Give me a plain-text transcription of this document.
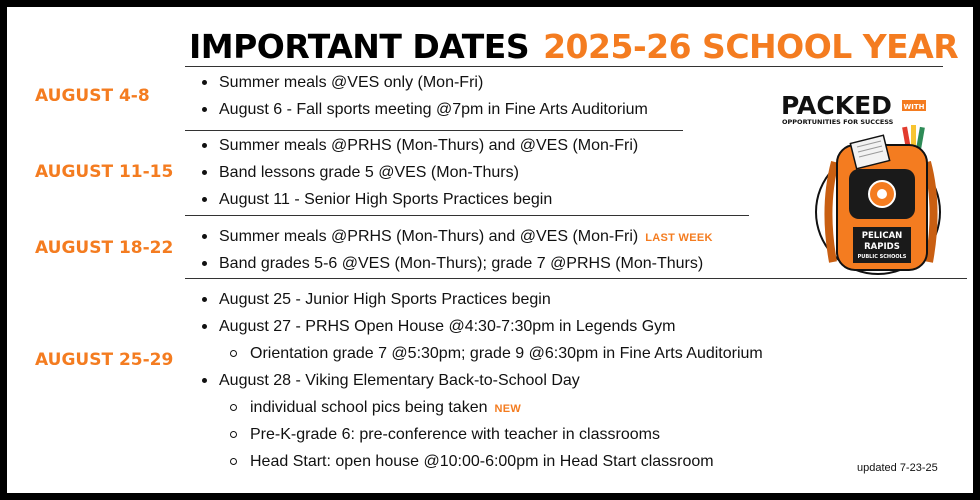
IMPORTANT DATES 2025-26 SCHOOL YEAR
AUGUST 4-8
Summer meals @VES only (Mon-Fri)
August 6 - Fall sports meeting @7pm in Fine Arts Auditorium
AUGUST 11-15
Summer meals @PRHS (Mon-Thurs) and @VES (Mon-Fri)
Band lessons grade 5 @VES (Mon-Thurs)
August 11 - Senior High Sports Practices begin
AUGUST 18-22
Summer meals @PRHS (Mon-Thurs) and @VES (Mon-Fri) LAST WEEK
Band grades 5-6 @VES (Mon-Thurs); grade 7 @PRHS (Mon-Thurs)
AUGUST 25-29
August 25 - Junior High Sports Practices begin
August 27 - PRHS Open House @4:30-7:30pm in Legends Gym
Orientation grade 7 @5:30pm; grade 9 @6:30pm in Fine Arts Auditorium
August 28 - Viking Elementary Back-to-School Day
individual school pics being taken NEW
Pre-K-grade 6: pre-conference with teacher in classrooms
Head Start: open house @10:00-6:00pm in Head Start classroom	updated 7-23-25
PACKED WITH
OPPORTUNITIES FOR SUCCESS
PELICAN
RAPIDS
PUBLIC SCHOOLS
